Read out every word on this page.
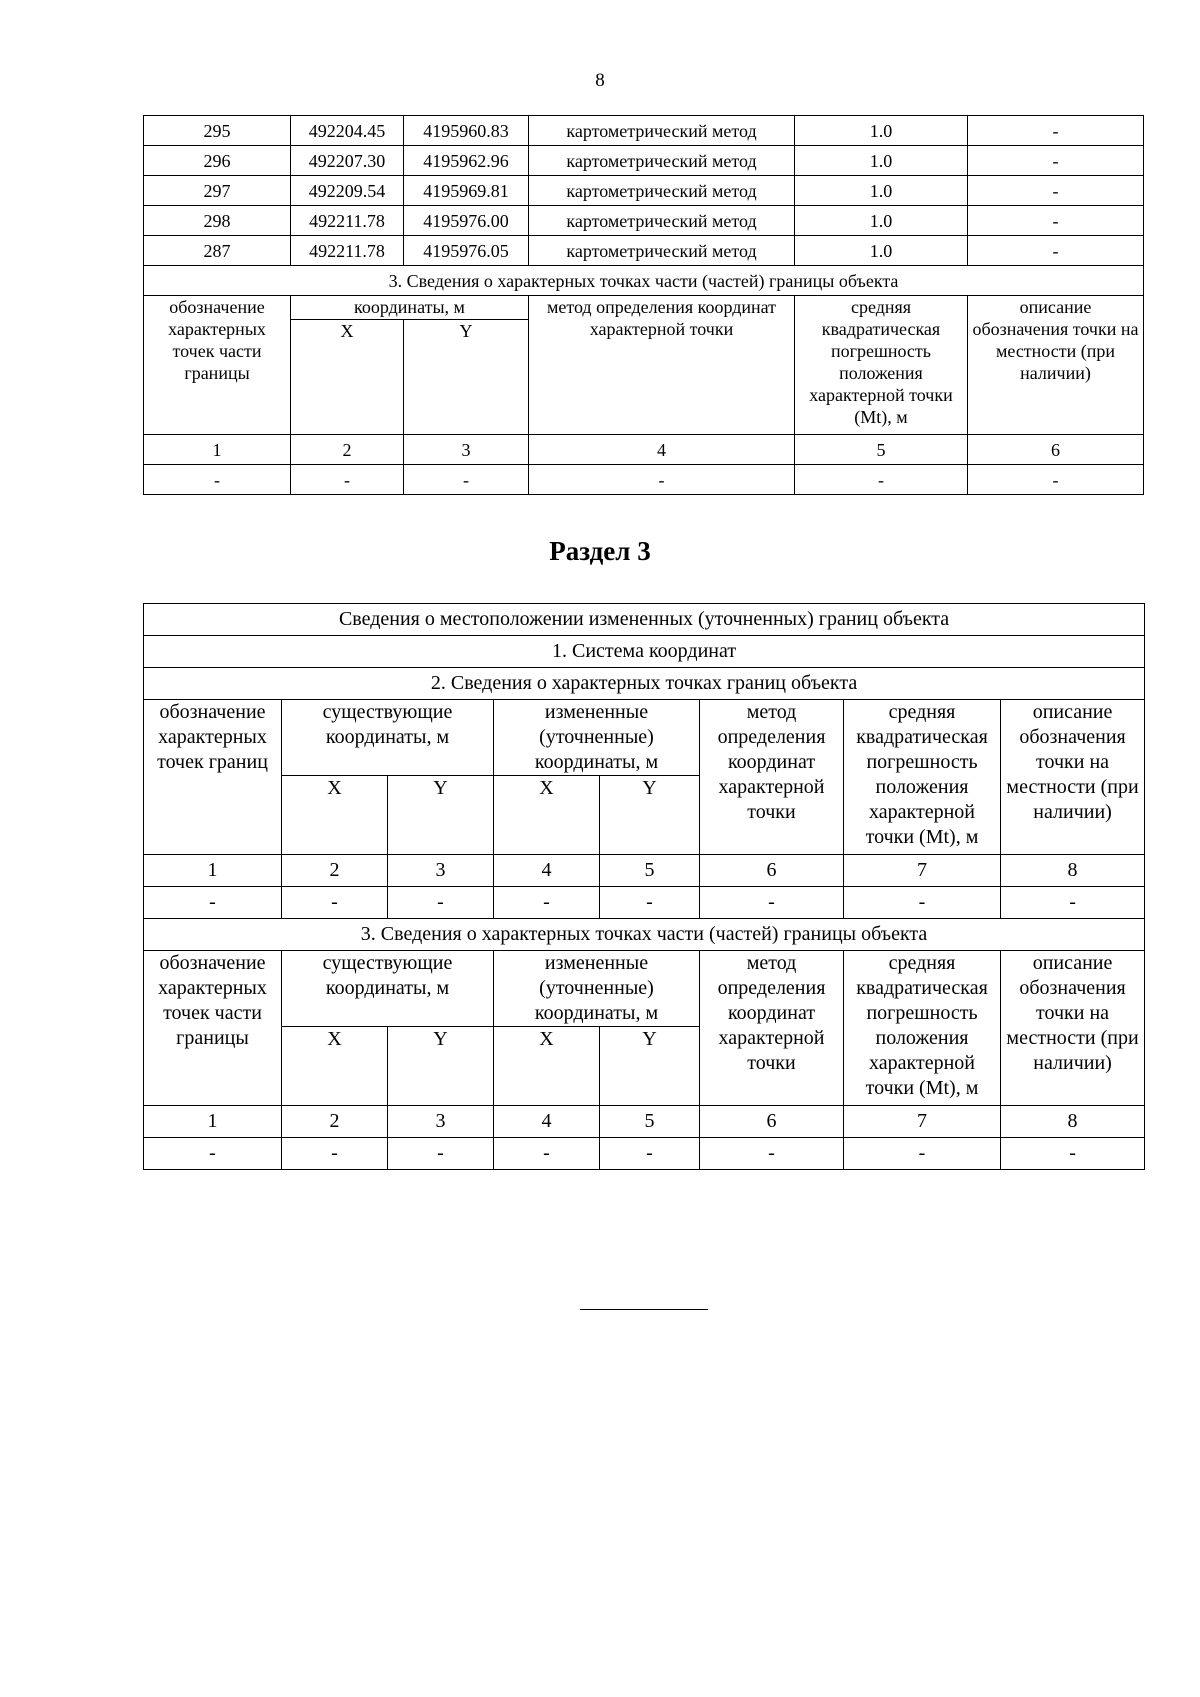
8
295	492204.45	4195960.83	картометрический метод	1.0	-
296	492207.30	4195962.96	картометрический метод	1.0	-
297	492209.54	4195969.81	картометрический метод	1.0	-
298	492211.78	4195976.00	картометрический метод	1.0	-
287	492211.78	4195976.05	картометрический метод	1.0	-
3. Сведения о характерных точках части (частей) границы объекта					
обозначение характерных точек части границы	координаты, м		метод определения координат характерной точки	средняя квадратическая погрешность положения характерной точки (Mt), м	описание обозначения точки на местности (при наличии)
	X	Y			
1	2	3	4	5	6
-	-	-	-	-	-
Раздел 3
Сведения о местоположении измененных (уточненных) границ объекта							
1. Система координат							
2. Сведения о характерных точках границ объекта							
обозначение характерных точек границ	существующие координаты, м		измененные (уточненные) координаты, м		метод определения координат характерной точки	средняя квадратическая погрешность положения характерной точки (Mt), м	описание обозначения точки на местности (при наличии)
	X	Y	X	Y			
1	2	3	4	5	6	7	8
-	-	-	-	-	-	-	-
3. Сведения о характерных точках части (частей) границы объекта							
обозначение характерных точек части границы	существующие координаты, м		измененные (уточненные) координаты, м		метод определения координат характерной точки	средняя квадратическая погрешность положения характерной точки (Mt), м	описание обозначения точки на местности (при наличии)
	X	Y	X	Y			
1	2	3	4	5	6	7	8
-	-	-	-	-	-	-	-
